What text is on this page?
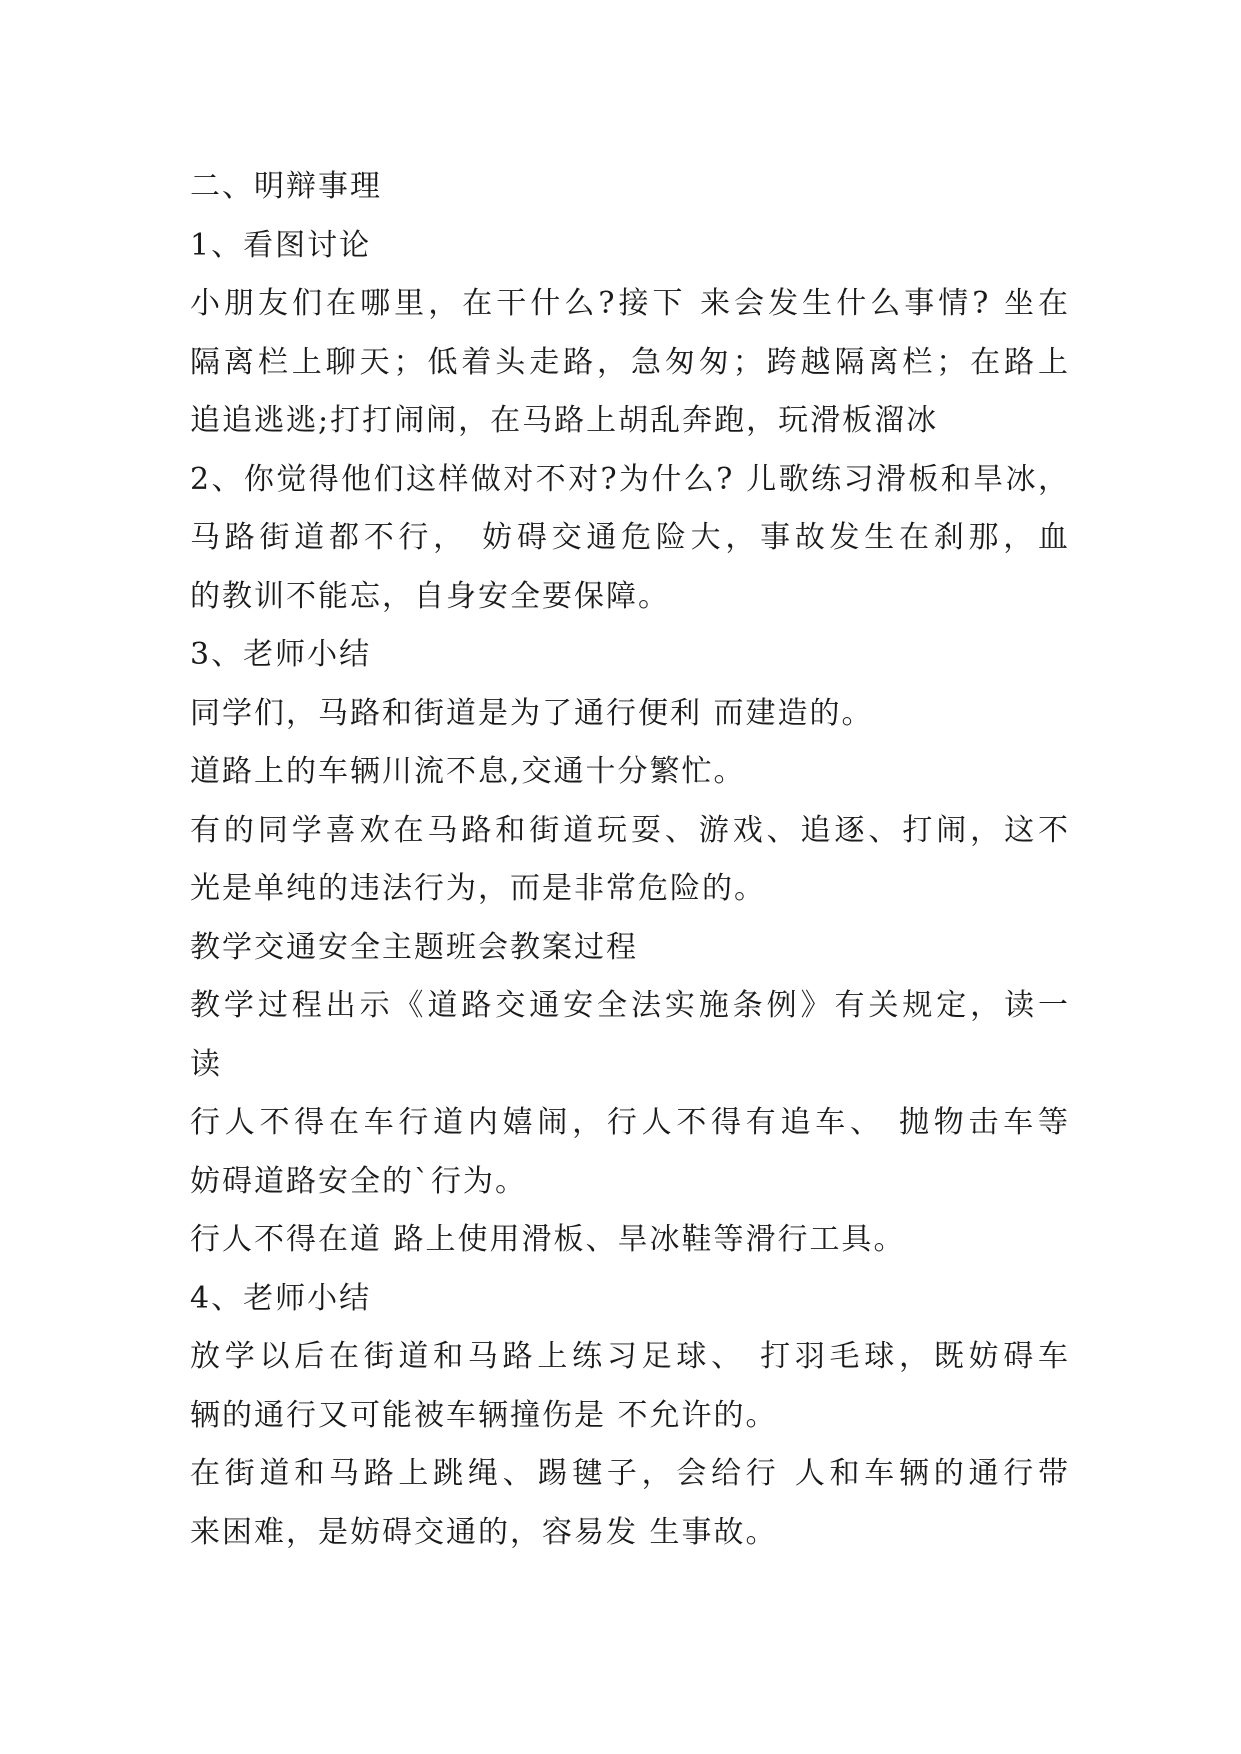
二、明辩事理
1、看图讨论
小朋友们在哪里，在干什么?接下 来会发生什么事情? 坐在
隔离栏上聊天；低着头走路，急匆匆；跨越隔离栏；在路上
追追逃逃;打打闹闹，在马路上胡乱奔跑，玩滑板溜冰
2、你觉得他们这样做对不对?为什么? 儿歌练习滑板和旱冰，
马路街道都不行， 妨碍交通危险大，事故发生在刹那，血
的教训不能忘，自身安全要保障。
3、老师小结
同学们，马路和街道是为了通行便利 而建造的。
道路上的车辆川流不息,交通十分繁忙。
有的同学喜欢在马路和街道玩耍、游戏、追逐、打闹，这不
光是单纯的违法行为，而是非常危险的。
教学交通安全主题班会教案过程
教学过程出示《道路交通安全法实施条例》有关规定，读一
读
行人不得在车行道内嬉闹，行人不得有追车、 抛物击车等
妨碍道路安全的`行为。
行人不得在道 路上使用滑板、旱冰鞋等滑行工具。
4、老师小结
放学以后在街道和马路上练习足球、 打羽毛球，既妨碍车
辆的通行又可能被车辆撞伤是 不允许的。
在街道和马路上跳绳、踢毽子，会给行 人和车辆的通行带
来困难，是妨碍交通的，容易发 生事故。
